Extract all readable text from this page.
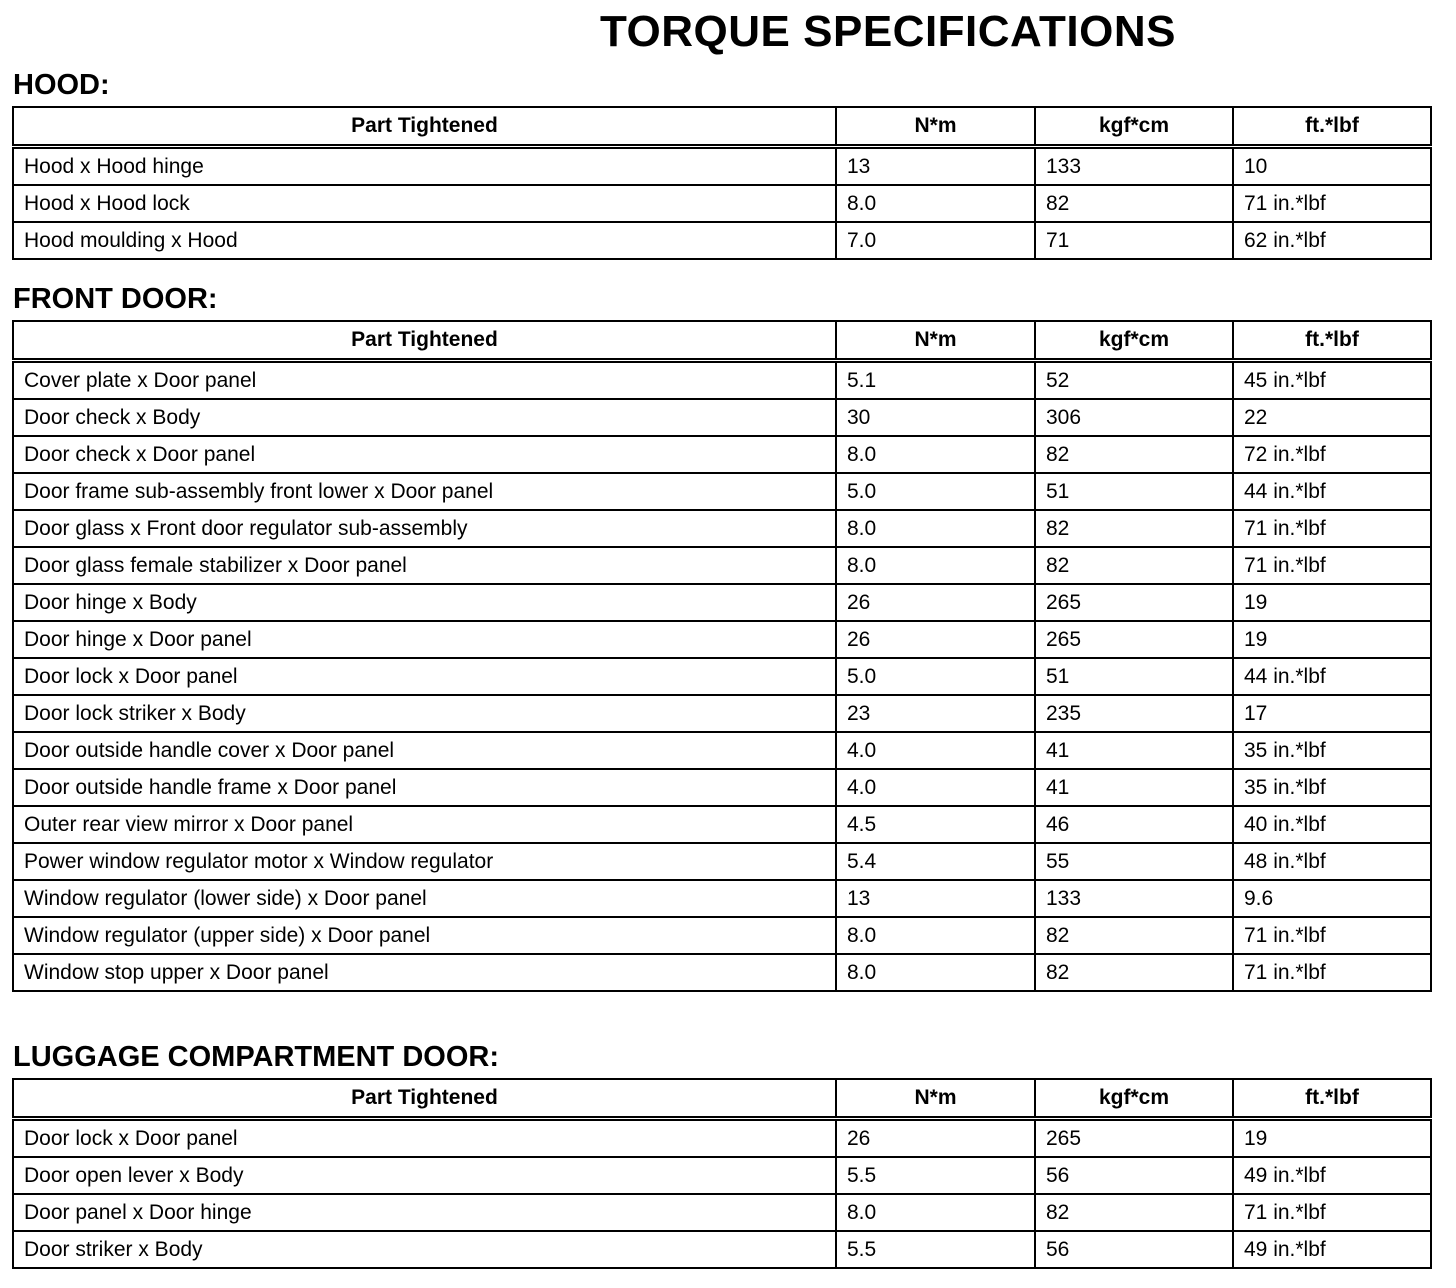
TORQUE SPECIFICATIONS
HOOD:
Part Tightened	N*m	kgf*cm	ft.*lbf
Hood x Hood hinge	13	133	10
Hood x Hood lock	8.0	82	71 in.*lbf
Hood moulding x Hood	7.0	71	62 in.*lbf
FRONT DOOR:
Part Tightened	N*m	kgf*cm	ft.*lbf
Cover plate x Door panel	5.1	52	45 in.*lbf
Door check x Body	30	306	22
Door check x Door panel	8.0	82	72 in.*lbf
Door frame sub-assembly front lower x Door panel	5.0	51	44 in.*lbf
Door glass x Front door regulator sub-assembly	8.0	82	71 in.*lbf
Door glass female stabilizer x Door panel	8.0	82	71 in.*lbf
Door hinge x Body	26	265	19
Door hinge x Door panel	26	265	19
Door lock x Door panel	5.0	51	44 in.*lbf
Door lock striker x Body	23	235	17
Door outside handle cover x Door panel	4.0	41	35 in.*lbf
Door outside handle frame x Door panel	4.0	41	35 in.*lbf
Outer rear view mirror x Door panel	4.5	46	40 in.*lbf
Power window regulator motor x Window regulator	5.4	55	48 in.*lbf
Window regulator (lower side) x Door panel	13	133	9.6
Window regulator (upper side) x Door panel	8.0	82	71 in.*lbf
Window stop upper x Door panel	8.0	82	71 in.*lbf
LUGGAGE COMPARTMENT DOOR:
Part Tightened	N*m	kgf*cm	ft.*lbf
Door lock x Door panel	26	265	19
Door open lever x Body	5.5	56	49 in.*lbf
Door panel x Door hinge	8.0	82	71 in.*lbf
Door striker x Body	5.5	56	49 in.*lbf
